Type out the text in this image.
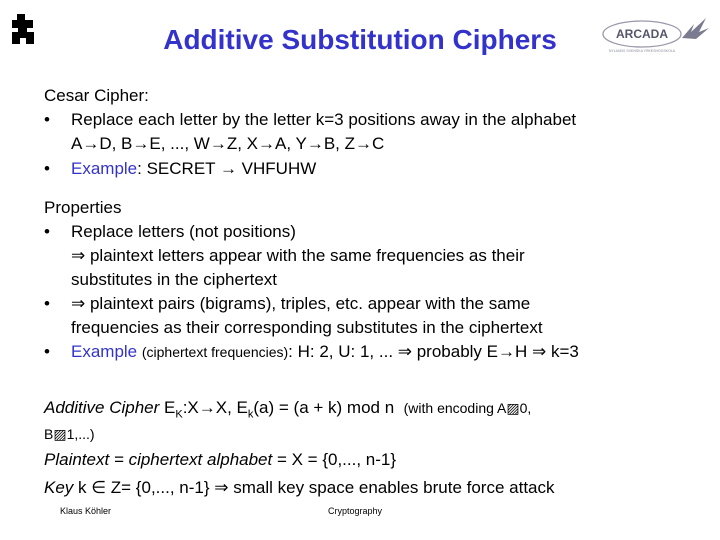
Additive Substitution Ciphers	ARCADA
NYLANDS SVENSKA YRKESHÖGSKOLA
Cesar Cipher:
• Replace each letter by the letter k=3 positions away in the alphabet
A→D, B→E, ..., W→Z, X→A, Y→B, Z→C
• Example: SECRET → VHFUHW
Properties
• Replace letters (not positions)
⇒ plaintext letters appear with the same frequencies as their
substitutes in the ciphertext
• ⇒ plaintext pairs (bigrams), triples, etc. appear with the same
frequencies as their corresponding substitutes in the ciphertext
• Example (ciphertext frequencies): H: 2, U: 1, ... ⇒ probably E→H ⇒ k=3
Additive Cipher $E_K:X\to X$, $E_k(a) = (a + k)$ mod n (with encoding A▨0,
B▨1,...)
Plaintext = ciphertext alphabet = X = {0,..., n-1}
Key k ∈ Z= {0,..., n-1} ⇒ small key space enables brute force attack
Klaus Köhler	Cryptography
